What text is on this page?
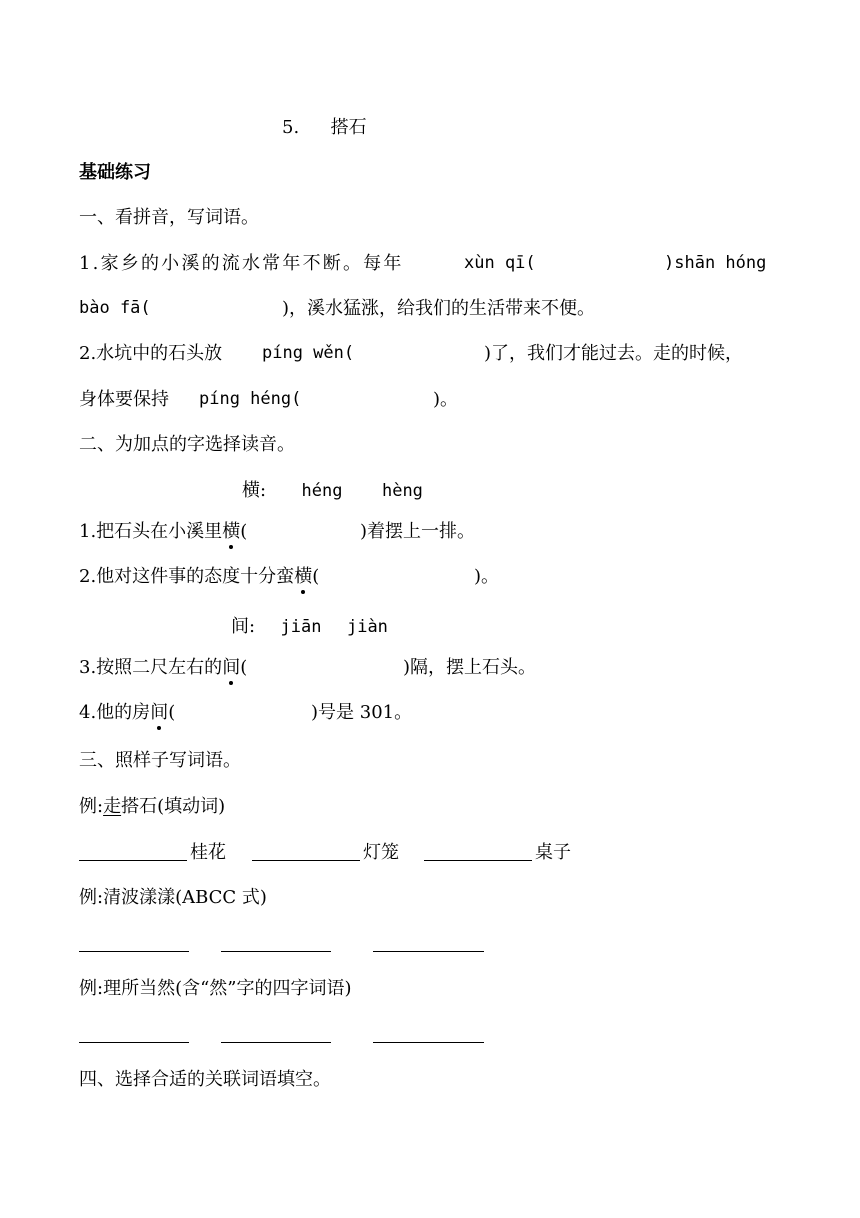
5. 搭石
基础练习
一、看拼音，写词语。
1.家乡的小溪的流水常年不断。每年	xùn qī(	)shān hóng
bào fā(	)，溪水猛涨，给我们的生活带来不便。
2.水坑中的石头放 píng wěn(	)了，我们才能过去。走的时候，
身体要保持 píng héng(	)。
二、为加点的字选择读音。
横: héng hèng
1.把石头在小溪里横(	)着摆上一排。
2.他对这件事的态度十分蛮横(	)。
间: jiān jiàn
3.按照二尺左右的间(	)隔，摆上石头。
4.他的房间(	)号是 301。
三、照样子写词语。
例:走搭石(填动词)
桂花	灯笼	桌子
例:清波漾漾(ABCC 式)
例:理所当然(含“然”字的四字词语)
四、选择合适的关联词语填空。
